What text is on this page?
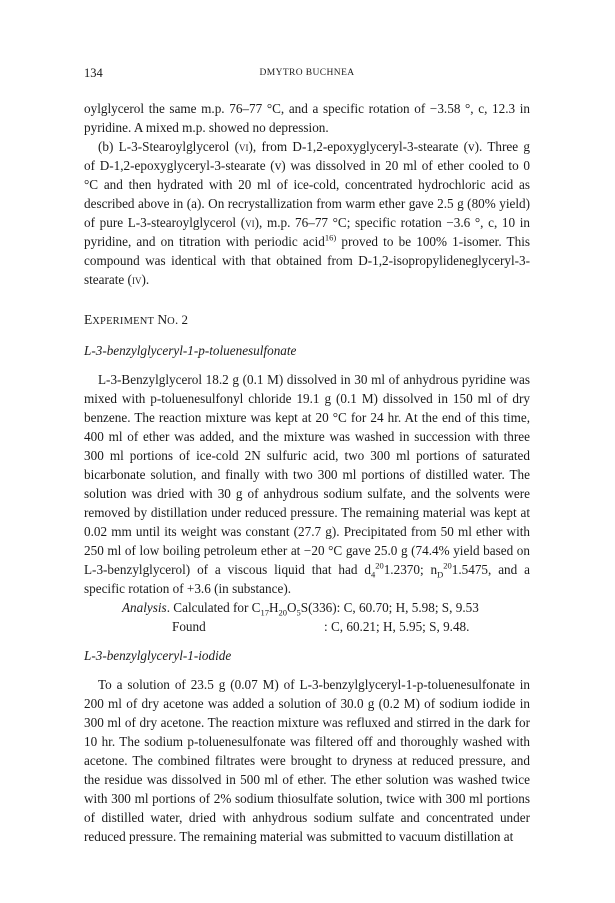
134	DMYTRO BUCHNEA

oylglycerol the same m.p. 76–77 °C, and a specific rotation of −3.58 °, c, 12.3 in pyridine. A mixed m.p. showed no depression.

(b) L-3-Stearoylglycerol (vi), from D-1,2-epoxyglyceryl-3-stearate (v). Three g of D-1,2-epoxyglyceryl-3-stearate (v) was dissolved in 20 ml of ether cooled to 0 °C and then hydrated with 20 ml of ice-cold, concentrated hydrochloric acid as described above in (a). On recrystallization from warm ether gave 2.5 g (80% yield) of pure L-3-stearoylglycerol (vi), m.p. 76–77 °C; specific rotation −3.6 °, c, 10 in pyridine, and on titration with periodic acid$^{16)}$ proved to be 100% 1-isomer. This compound was identical with that obtained from D-1,2-isopropylideneglyceryl-3-stearate (iv).

EXPERIMENT NO. 2

L-3-benzylglyceryl-1-p-toluenesulfonate

L-3-Benzylglycerol 18.2 g (0.1 M) dissolved in 30 ml of anhydrous pyridine was mixed with p-toluenesulfonyl chloride 19.1 g (0.1 M) dissolved in 150 ml of dry benzene. The reaction mixture was kept at 20 °C for 24 hr. At the end of this time, 400 ml of ether was added, and the mixture was washed in succession with three 300 ml portions of ice-cold 2N sulfuric acid, two 300 ml portions of saturated bicarbonate solution, and finally with two 300 ml portions of distilled water. The solution was dried with 30 g of anhydrous sodium sulfate, and the solvents were removed by distillation under reduced pressure. The remaining material was kept at 0.02 mm until its weight was constant (27.7 g). Precipitated from 50 ml ether with 250 ml of low boiling petroleum ether at −20 °C gave 25.0 g (74.4% yield based on L-3-benzylglycerol) of a viscous liquid that had $d_4^{20}1.2370$; $n_D^{20}1.5475$, and a specific rotation of +3.6 (in substance).

Analysis. Calculated for $C_{17}H_{20}O_5S(336)$: C, 60.70; H, 5.98; S, 9.53

Found	: C, 60.21; H, 5.95; S, 9.48.

L-3-benzylglyceryl-1-iodide

To a solution of 23.5 g (0.07 M) of L-3-benzylglyceryl-1-p-toluenesulfonate in 200 ml of dry acetone was added a solution of 30.0 g (0.2 M) of sodium iodide in 300 ml of dry acetone. The reaction mixture was refluxed and stirred in the dark for 10 hr. The sodium p-toluenesulfonate was filtered off and thoroughly washed with acetone. The combined filtrates were brought to dryness at reduced pressure, and the residue was dissolved in 500 ml of ether. The ether solution was washed twice with 300 ml portions of 2% sodium thiosulfate solution, twice with 300 ml portions of distilled water, dried with anhydrous sodium sulfate and concentrated under reduced pressure. The remaining material was submitted to vacuum distillation at
